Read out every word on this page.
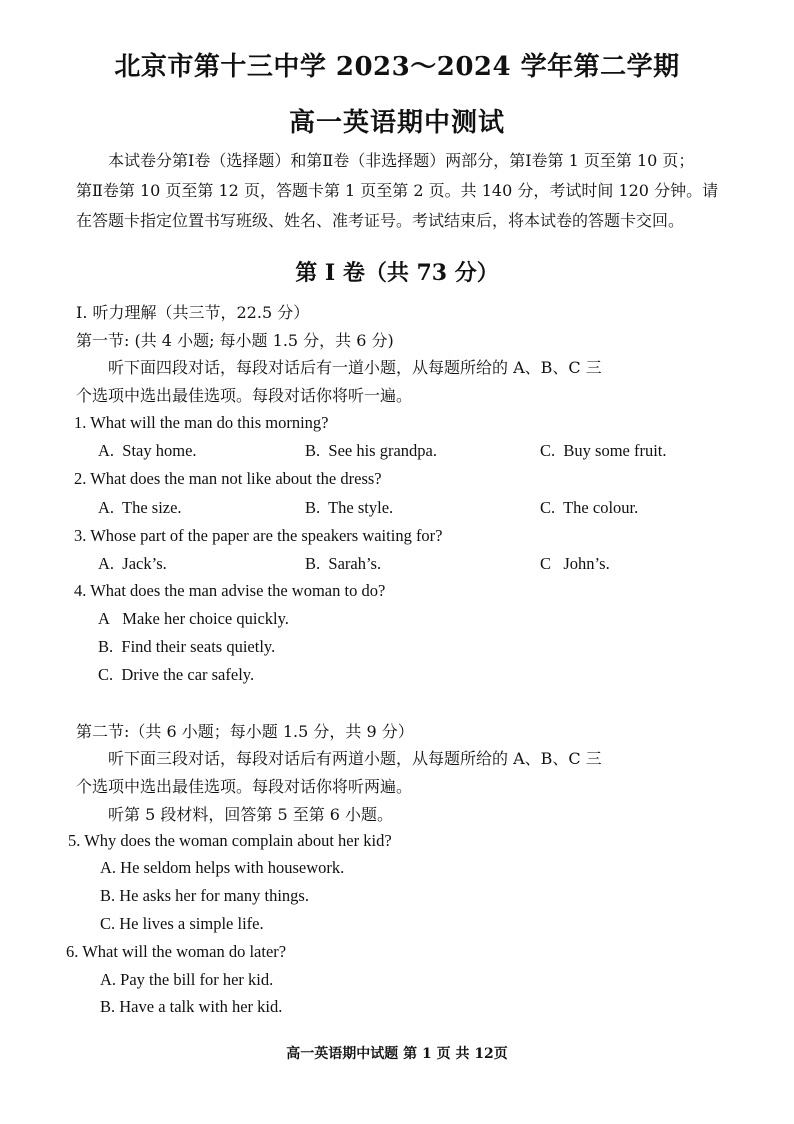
北京市第十三中学 2023～2024 学年第二学期
高一英语期中测试
本试卷分第Ⅰ卷（选择题）和第Ⅱ卷（非选择题）两部分，第Ⅰ卷第 1 页至第 10 页；
第Ⅱ卷第 10 页至第 12 页，答题卡第 1 页至第 2 页。共 140 分，考试时间 120 分钟。请
在答题卡指定位置书写班级、姓名、准考证号。考试结束后，将本试卷的答题卡交回。
第 I 卷（共 73 分）
I. 听力理解（共三节，22.5 分）
第一节: (共 4 小题; 每小题 1.5 分，共 6 分)
听下面四段对话，每段对话后有一道小题，从每题所给的 A、B、C 三
个选项中选出最佳选项。每段对话你将听一遍。
1. What will the man do this morning?
A. Stay home.	B. See his grandpa.	C. Buy some fruit.
2. What does the man not like about the dress?
A. The size.	B. The style.	C. The colour.
3. Whose part of the paper are the speakers waiting for?
A. Jack’s.	B. Sarah’s.	C John’s.
4. What does the man advise the woman to do?
A Make her choice quickly.
B. Find their seats quietly.
C. Drive the car safely.
第二节:（共 6 小题；每小题 1.5 分，共 9 分）
听下面三段对话，每段对话后有两道小题，从每题所给的 A、B、C 三
个选项中选出最佳选项。每段对话你将听两遍。
听第 5 段材料，回答第 5 至第 6 小题。
5. Why does the woman complain about her kid?
A. He seldom helps with housework.
B. He asks her for many things.
C. He lives a simple life.
6. What will the woman do later?
A. Pay the bill for her kid.
B. Have a talk with her kid.
高一英语期中试题 第 1 页 共 12页
